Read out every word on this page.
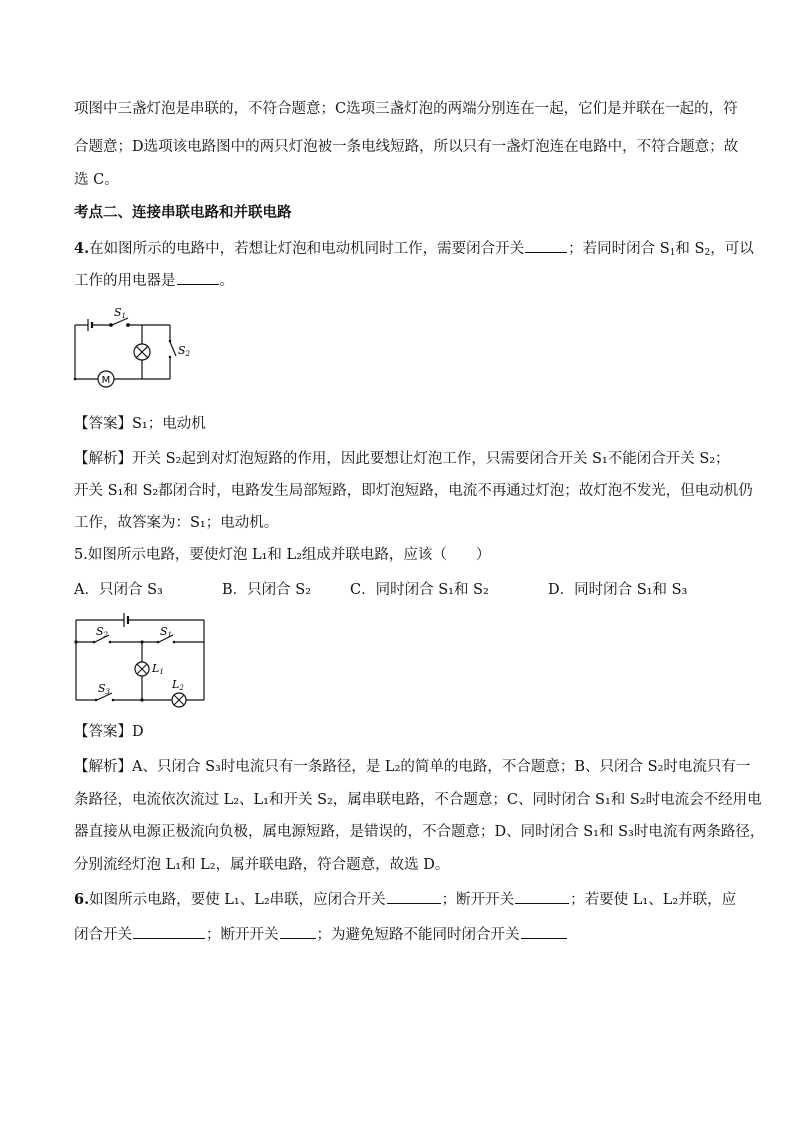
项图中三盏灯泡是串联的，不符合题意；C选项三盏灯泡的两端分别连在一起，它们是并联在一起的，符
合题意；D选项该电路图中的两只灯泡被一条电线短路，所以只有一盏灯泡连在电路中，不符合题意；故
选 C。
考点二、连接串联电路和并联电路
4.在如图所示的电路中，若想让灯泡和电动机同时工作，需要闭合开关	；若同时闭合 $S_1$和 $S_2$，可以
工作的用电器是	。
M
S1
S2
【答案】S₁；电动机
【解析】开关 S₂起到对灯泡短路的作用，因此要想让灯泡工作，只需要闭合开关 S₁不能闭合开关 S₂；
开关 S₁和 S₂都闭合时，电路发生局部短路，即灯泡短路，电流不再通过灯泡；故灯泡不发光，但电动机仍
工作，故答案为：S₁；电动机。
5.如图所示电路，要使灯泡 L₁和 L₂组成并联电路，应该（　　）
A．只闭合 S₃	B．只闭合 S₂	C．同时闭合 S₁和 S₂	D．同时闭合 S₁和 S₃
S2	S1
S3
L1
L2
【答案】D
【解析】A、只闭合 S₃时电流只有一条路径，是 L₂的简单的电路，不合题意；B、只闭合 S₂时电流只有一
条路径，电流依次流过 L₂、L₁和开关 S₂，属串联电路，不合题意；C、同时闭合 S₁和 S₂时电流会不经用电
器直接从电源正极流向负极，属电源短路，是错误的，不合题意；D、同时闭合 S₁和 S₃时电流有两条路径，
分别流经灯泡 L₁和 L₂，属并联电路，符合题意，故选 D。
6.如图所示电路，要使 L₁、L₂串联，应闭合开关	；断开开关	；若要使 L₁、L₂并联，应
闭合开关	；断开开关	；为避免短路不能同时闭合开关
